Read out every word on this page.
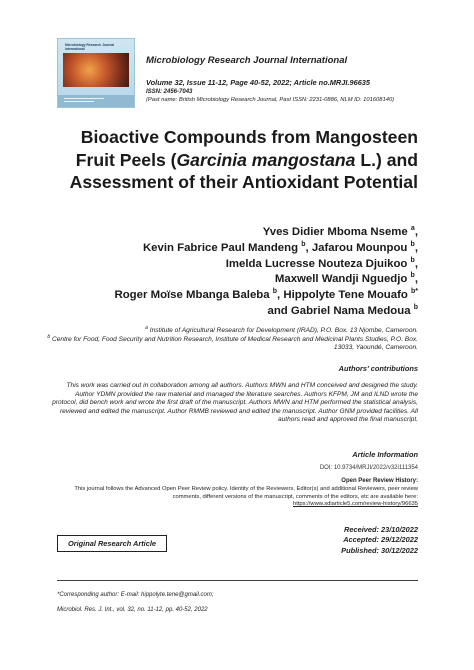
Microbiology Research Journal International
Microbiology Research Journal International
Volume 32, Issue 11-12, Page 40-52, 2022; Article no.MRJI.96635
ISSN: 2456-7043
(Past name: British Microbiology Research Journal, Past ISSN: 2231-0886, NLM ID: 101608140)
Bioactive Compounds from Mangosteen Fruit Peels (Garcinia mangostana L.) and Assessment of their Antioxidant Potential
Yves Didier Mboma Nseme $^a$,
Kevin Fabrice Paul Mandeng $^b$, Jafarou Mounpou $^b$,
Imelda Lucresse Nouteza Djuikoo $^b$,
Maxwell Wandji Nguedjo $^b$,
Roger Moïse Mbanga Baleba $^b$, Hippolyte Tene Mouafo $^{b*}$
and Gabriel Nama Medoua $^b$
$^a$ Institute of Agricultural Research for Development (IRAD), P.O. Box. 13 Njombe, Cameroon.
$^b$ Centre for Food, Food Security and Nutrition Research, Institute of Medical Research and Medicinal Plants Studies, P.O. Box. 13033, Yaoundé, Cameroon.
Authors' contributions
This work was carried out in collaboration among all authors. Authors MWN and HTM conceived and designed the study. Author YDMN provided the raw material and managed the literature searches. Authors KFPM, JM and ILND wrote the protocol, did bench work and wrote the first draft of the manuscript. Authors MWN and HTM performed the statistical analysis, reviewed and edited the manuscript. Author RMMB reviewed and edited the manuscript. Author GNM provided facilities. All authors read and approved the final manuscript.
Article Information
DOI: 10.9734/MRJI/2022/v32i111354
Open Peer Review History:
This journal follows the Advanced Open Peer Review policy. Identity of the Reviewers, Editor(s) and additional Reviewers, peer review comments, different versions of the manuscript, comments of the editors, etc are available here:
https://www.sdiarticle5.com/review-history/96635
Original Research Article
Received: 23/10/2022
Accepted: 29/12/2022
Published: 30/12/2022
*Corresponding author: E-mail: hippolyte.tene@gmail.com;
Microbiol. Res. J. Int., vol. 32, no. 11-12, pp. 40-52, 2022
